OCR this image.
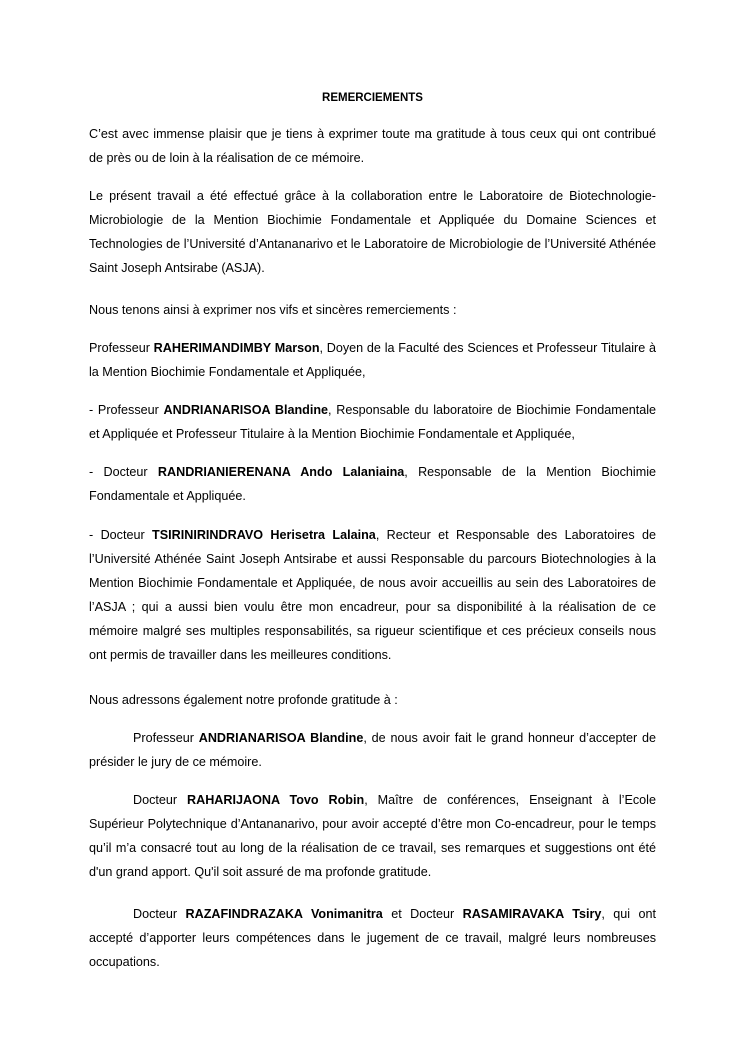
REMERCIEMENTS

C’est avec immense plaisir que je tiens à exprimer toute ma gratitude à tous ceux qui ont contribué de près ou de loin à la réalisation de ce mémoire.

Le présent travail a été effectué grâce à la collaboration entre le Laboratoire de Biotechnologie-Microbiologie de la Mention Biochimie Fondamentale et Appliquée du Domaine Sciences et Technologies de l’Université d’Antananarivo et le Laboratoire de Microbiologie de l’Université Athénée Saint Joseph Antsirabe (ASJA).

Nous tenons ainsi à exprimer nos vifs et sincères remerciements :

Professeur RAHERIMANDIMBY Marson, Doyen de la Faculté des Sciences et Professeur Titulaire à la Mention Biochimie Fondamentale et Appliquée,

- Professeur ANDRIANARISOA Blandine, Responsable du laboratoire de Biochimie Fondamentale et Appliquée et Professeur Titulaire à la Mention Biochimie Fondamentale et Appliquée,

- Docteur RANDRIANIERENANA Ando Lalaniaina, Responsable de la Mention Biochimie Fondamentale et Appliquée.

- Docteur TSIRINIRINDRAVO Herisetra Lalaina, Recteur et Responsable des Laboratoires de l’Université Athénée Saint Joseph Antsirabe et aussi Responsable du parcours Biotechnologies à la Mention Biochimie Fondamentale et Appliquée, de nous avoir accueillis au sein des Laboratoires de l’ASJA ; qui a aussi bien voulu être mon encadreur, pour sa disponibilité à la réalisation de ce mémoire malgré ses multiples responsabilités, sa rigueur scientifique et ces précieux conseils nous ont permis de travailler dans les meilleures conditions.

Nous adressons également notre profonde gratitude à :

Professeur ANDRIANARISOA Blandine, de nous avoir fait le grand honneur d’accepter de présider le jury de ce mémoire.

Docteur RAHARIJAONA Tovo Robin, Maître de conférences, Enseignant à l’Ecole Supérieur Polytechnique d’Antananarivo, pour avoir accepté d’être mon Co-encadreur, pour le temps qu’il m’a consacré tout au long de la réalisation de ce travail, ses remarques et suggestions ont été d'un grand apport. Qu'il soit assuré de ma profonde gratitude.

Docteur RAZAFINDRAZAKA Vonimanitra et Docteur RASAMIRAVAKA Tsiry, qui ont accepté d’apporter leurs compétences dans le jugement de ce travail, malgré leurs nombreuses occupations.
